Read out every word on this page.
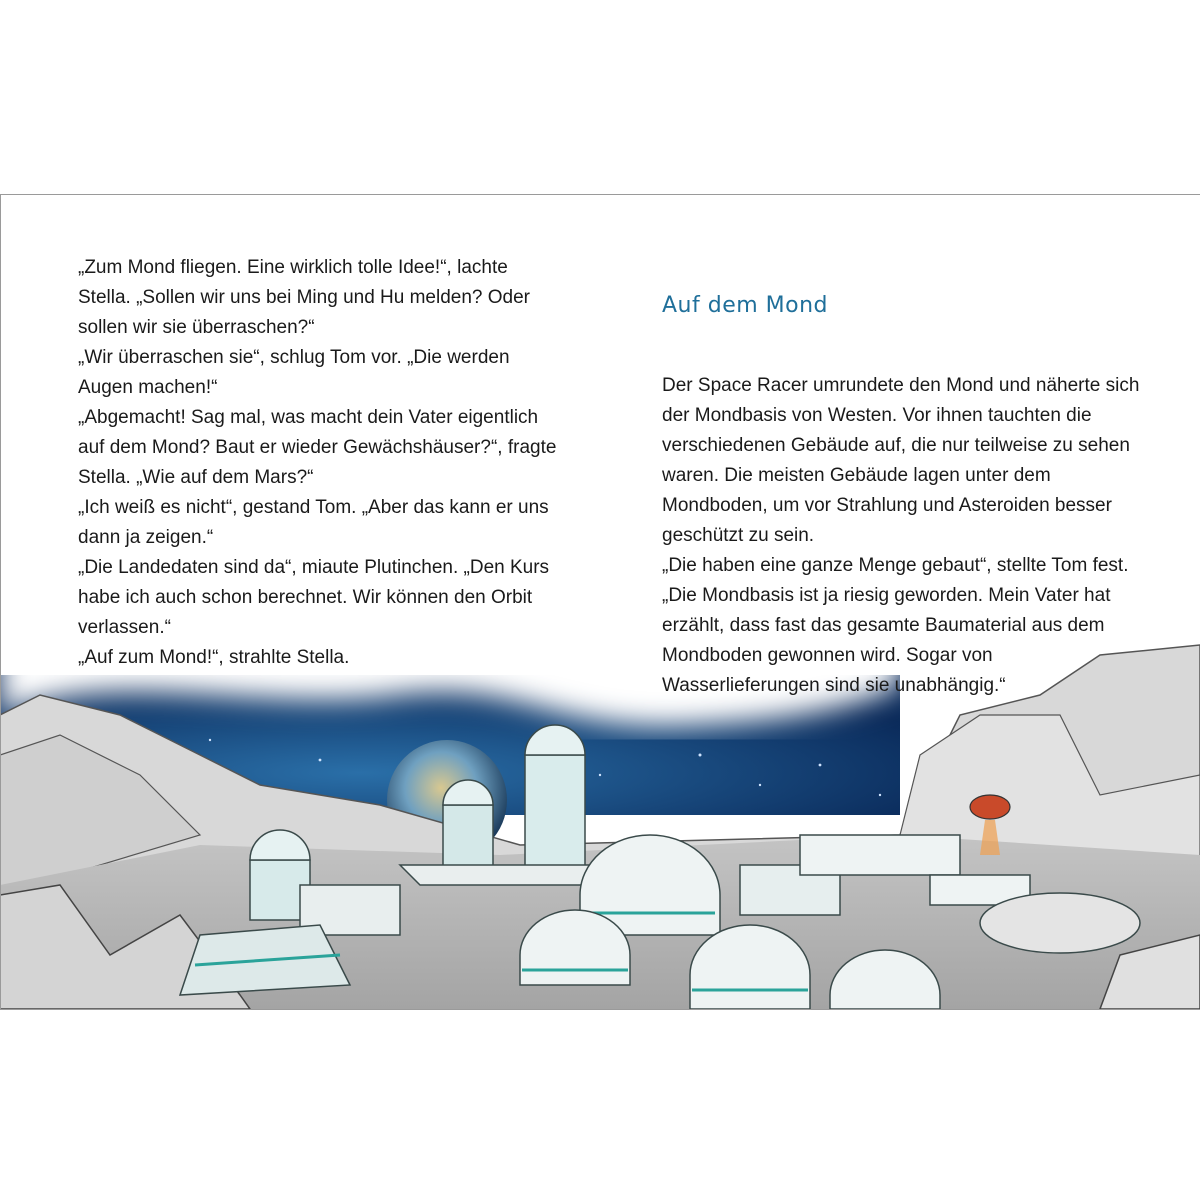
„Zum Mond fliegen. Eine wirklich tolle Idee!“, lachte Stella. „Sollen wir uns bei Ming und Hu melden? Oder sollen wir sie überraschen?“

„Wir überraschen sie“, schlug Tom vor. „Die werden Augen machen!“

„Abgemacht! Sag mal, was macht dein Vater eigentlich auf dem Mond? Baut er wieder Gewächshäuser?“, fragte Stella. „Wie auf dem Mars?“

„Ich weiß es nicht“, gestand Tom. „Aber das kann er uns dann ja zeigen.“

„Die Landedaten sind da“, miaute Plutinchen. „Den Kurs habe ich auch schon berechnet. Wir können den Orbit verlassen.“

„Auf zum Mond!“, strahlte Stella.

Auf dem Mond

Der Space Racer umrundete den Mond und näherte sich der Mondbasis von Westen. Vor ihnen tauchten die verschiedenen Gebäude auf, die nur teilweise zu sehen waren. Die meisten Gebäude lagen unter dem Mondboden, um vor Strahlung und Asteroiden besser geschützt zu sein.

„Die haben eine ganze Menge gebaut“, stellte Tom fest. „Die Mondbasis ist ja riesig geworden. Mein Vater hat erzählt, dass fast das gesamte Baumaterial aus dem Mondboden gewonnen wird. Sogar von Wasserlieferungen sind sie unabhängig.“
